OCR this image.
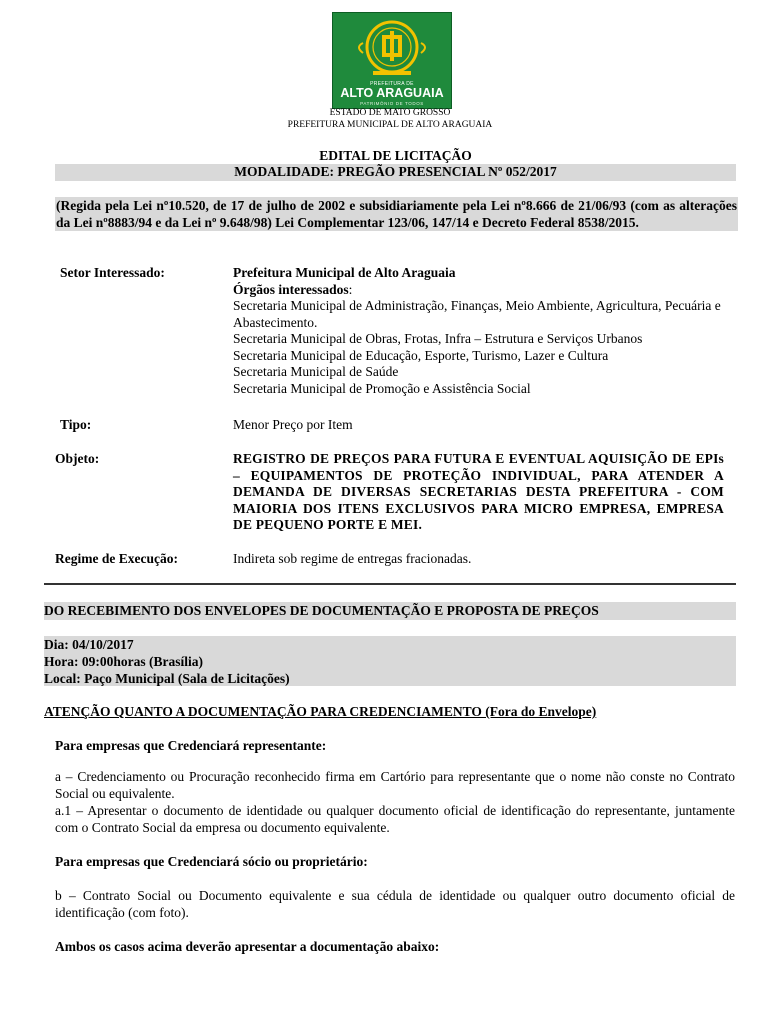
PREFEITURA DE
ALTO ARAGUAIA
PATRIMÔNIO DE TODOS
ESTADO DE MATO GROSSO
PREFEITURA MUNICIPAL DE ALTO ARAGUAIA
EDITAL DE LICITAÇÃO
MODALIDADE: PREGÃO PRESENCIAL Nº 052/2017
(Regida pela Lei nº10.520, de 17 de julho de 2002 e subsidiariamente pela Lei nº8.666 de 21/06/93 (com as alterações da Lei nº8883/94 e da Lei nº 9.648/98) Lei Complementar 123/06, 147/14 e Decreto Federal 8538/2015.
Setor Interessado:	Prefeitura Municipal de Alto Araguaia
Órgãos interessados:
Secretaria Municipal de Administração, Finanças, Meio Ambiente, Agricultura, Pecuária e Abastecimento.
Secretaria Municipal de Obras, Frotas, Infra – Estrutura e Serviços Urbanos
Secretaria Municipal de Educação, Esporte, Turismo, Lazer e Cultura
Secretaria Municipal de Saúde
Secretaria Municipal de Promoção e Assistência Social
Tipo:	Menor Preço por Item
Objeto:	REGISTRO DE PREÇOS PARA FUTURA E EVENTUAL AQUISIÇÃO DE EPIs – EQUIPAMENTOS DE PROTEÇÃO INDIVIDUAL, PARA ATENDER A DEMANDA DE DIVERSAS SECRETARIAS DESTA PREFEITURA - COM MAIORIA DOS ITENS EXCLUSIVOS PARA MICRO EMPRESA, EMPRESA DE PEQUENO PORTE E MEI.
Regime de Execução:	Indireta sob regime de entregas fracionadas.
DO RECEBIMENTO DOS ENVELOPES DE DOCUMENTAÇÃO E PROPOSTA DE PREÇOS
Dia: 04/10/2017
Hora: 09:00horas (Brasília)
Local: Paço Municipal (Sala de Licitações)
ATENÇÃO QUANTO A DOCUMENTAÇÃO PARA CREDENCIAMENTO (Fora do Envelope)
Para empresas que Credenciará representante:
a – Credenciamento ou Procuração reconhecido firma em Cartório para representante que o nome não conste no Contrato Social ou equivalente.
a.1 – Apresentar o documento de identidade ou qualquer documento oficial de identificação do representante, juntamente com o Contrato Social da empresa ou documento equivalente.
Para empresas que Credenciará sócio ou proprietário:
b – Contrato Social ou Documento equivalente e sua cédula de identidade ou qualquer outro documento oficial de identificação (com foto).
Ambos os casos acima deverão apresentar a documentação abaixo:
